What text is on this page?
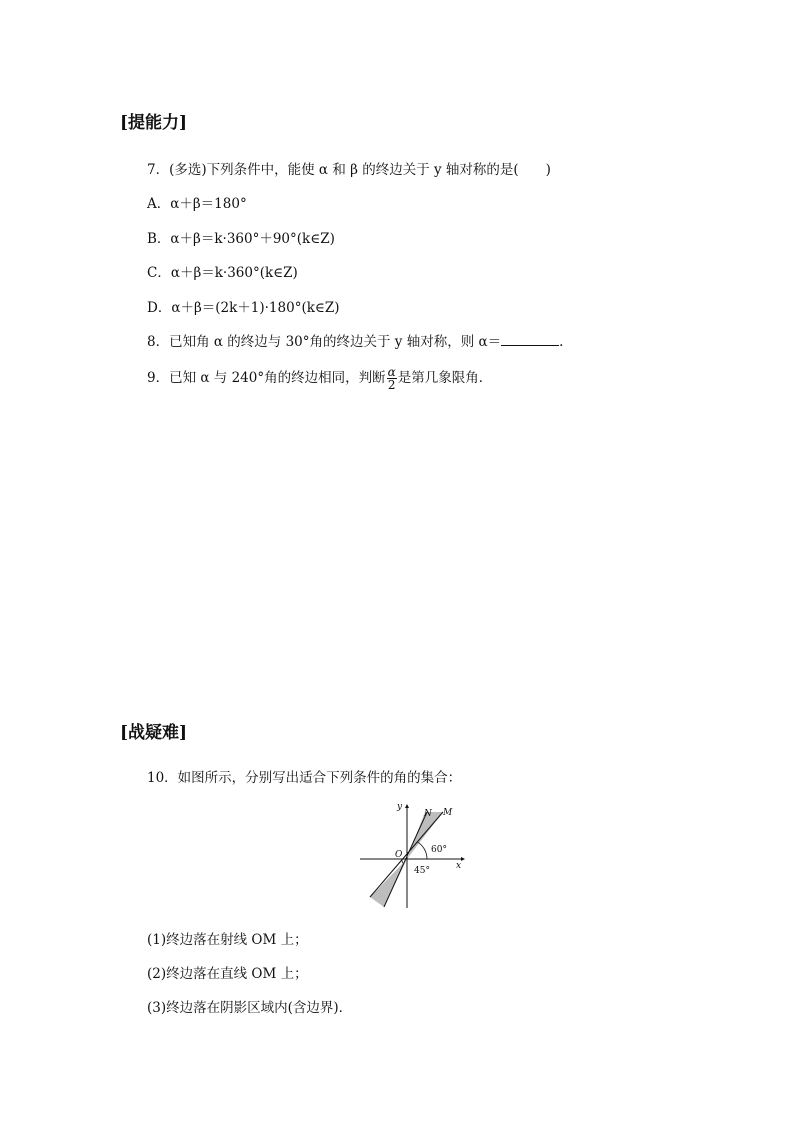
[提能力]
7．(多选)下列条件中，能使 α 和 β 的终边关于 y 轴对称的是(　　)
A．α＋β＝180°
B．α＋β＝k·360°＋90°(k∈Z)
C．α＋β＝k·360°(k∈Z)
D．α＋β＝(2k＋1)·180°(k∈Z)
8．已知角 α 的终边与 30°角的终边关于 y 轴对称，则 α＝	.
9．已知 α 与 240°角的终边相同，判断 $\frac{\alpha}{2}$ 是第几象限角．
[战疑难]
10．如图所示，分别写出适合下列条件的角的集合：
y
x
O
N M
60°
45°
(1)终边落在射线 OM 上；
(2)终边落在直线 OM 上；
(3)终边落在阴影区域内(含边界)．
